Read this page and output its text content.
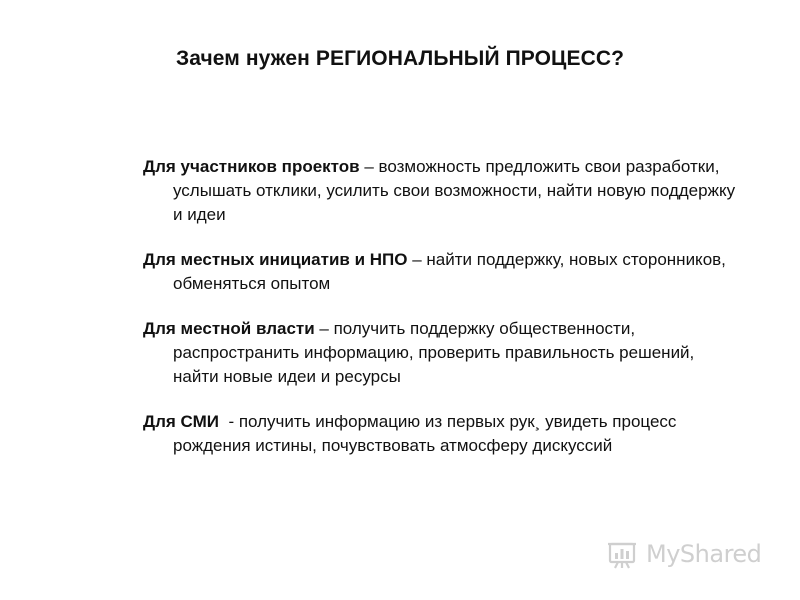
Зачем нужен РЕГИОНАЛЬНЫЙ ПРОЦЕСС?

Для участников проектов – возможность предложить свои разработки, услышать отклики, усилить свои возможности, найти новую поддержку и идеи

Для местных инициатив и НПО – найти поддержку, новых сторонников, обменяться опытом

Для местной власти – получить поддержку общественности, распространить информацию, проверить правильность решений, найти новые идеи и ресурсы

Для СМИ  - получить информацию из первых рук¸ увидеть процесс рождения истины, почувствовать атмосферу дискуссий

MyShared
